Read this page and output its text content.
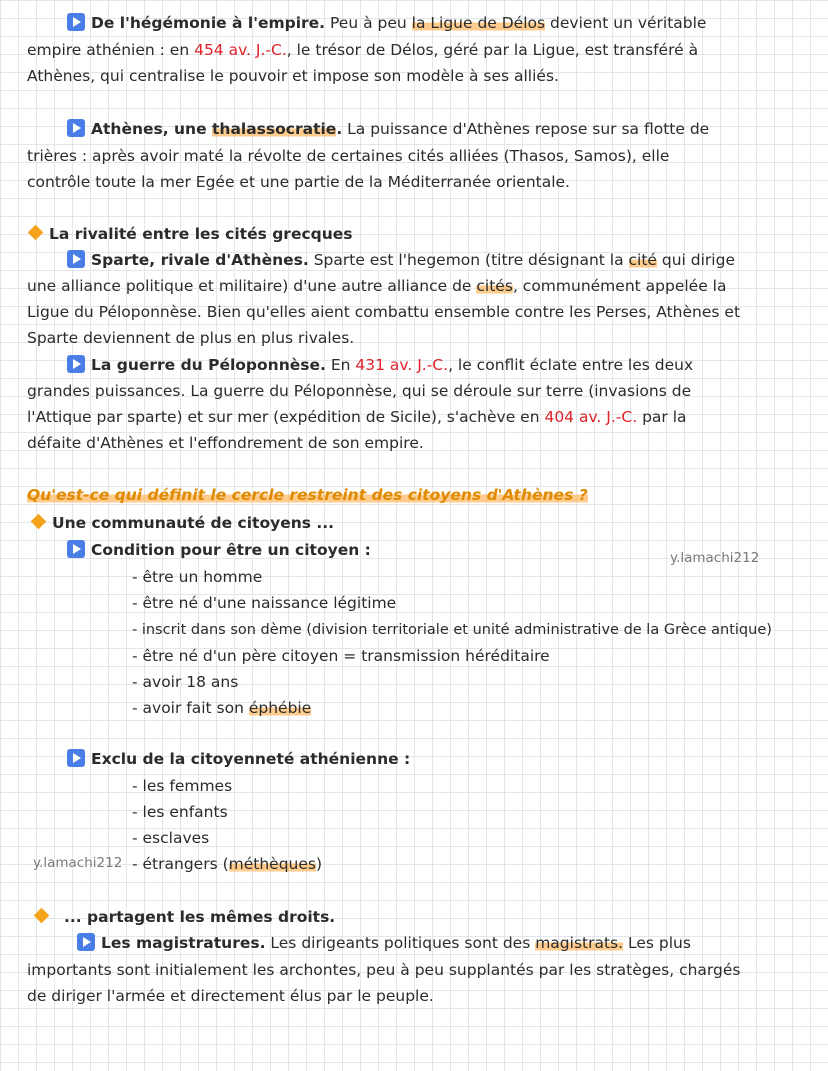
De l'hégémonie à l'empire. Peu à peu la Ligue de Délos devient un véritable
empire athénien : en 454 av. J.-C., le trésor de Délos, géré par la Ligue, est transféré à
Athènes, qui centralise le pouvoir et impose son modèle à ses alliés.
Athènes, une thalassocratie. La puissance d'Athènes repose sur sa flotte de
trières : après avoir maté la révolte de certaines cités alliées (Thasos, Samos), elle
contrôle toute la mer Egée et une partie de la Méditerranée orientale.
La rivalité entre les cités grecques
Sparte, rivale d'Athènes. Sparte est l'hegemon (titre désignant la cité qui dirige
une alliance politique et militaire) d'une autre alliance de cités, communément appelée la
Ligue du Péloponnèse. Bien qu'elles aient combattu ensemble contre les Perses, Athènes et
Sparte deviennent de plus en plus rivales.
La guerre du Péloponnèse. En 431 av. J.-C., le conflit éclate entre les deux
grandes puissances. La guerre du Péloponnèse, qui se déroule sur terre (invasions de
l'Attique par sparte) et sur mer (expédition de Sicile), s'achève en 404 av. J.-C. par la
défaite d'Athènes et l'effondrement de son empire.
Qu'est-ce qui définit le cercle restreint des citoyens d'Athènes ?
Une communauté de citoyens ...
Condition pour être un citoyen :	y.lamachi212
- être un homme
- être né d'une naissance légitime
- inscrit dans son dème (division territoriale et unité administrative de la Grèce antique)
- être né d'un père citoyen = transmission héréditaire
- avoir 18 ans
- avoir fait son éphébie
Exclu de la citoyenneté athénienne :
- les femmes
- les enfants
- esclaves
y.lamachi212 - étrangers (méthèques)
... partagent les mêmes droits.
Les magistratures. Les dirigeants politiques sont des magistrats. Les plus
importants sont initialement les archontes, peu à peu supplantés par les stratèges, chargés
de diriger l'armée et directement élus par le peuple.
